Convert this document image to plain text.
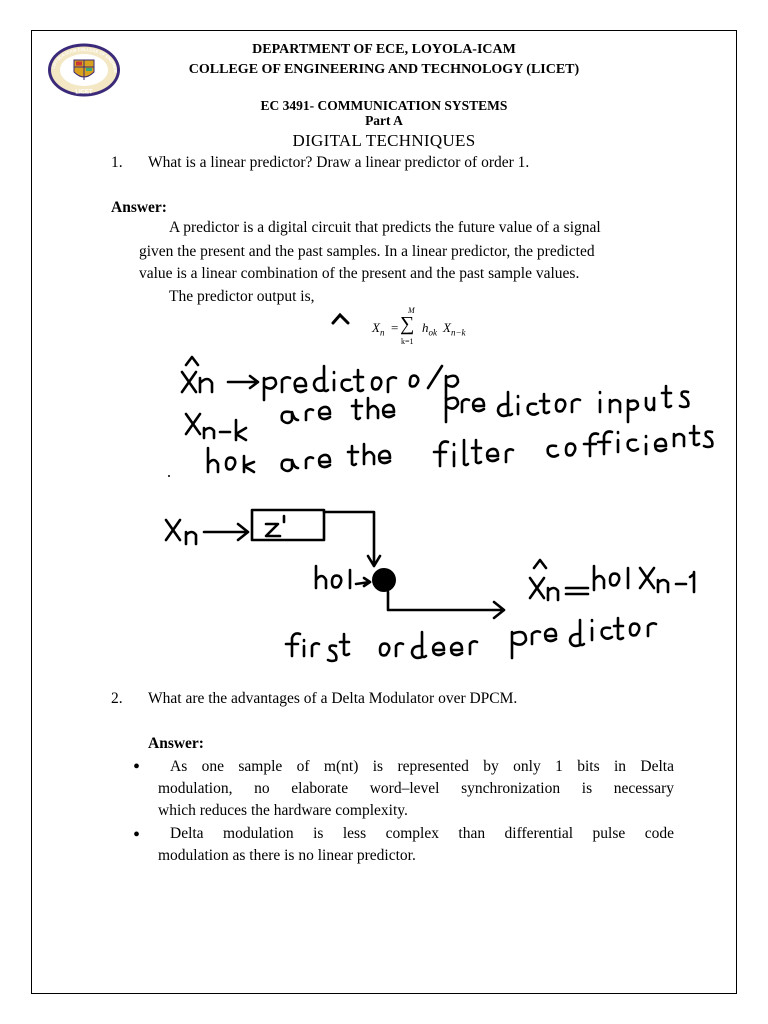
LICET
LOYOLA-ICAM COLLEGE OF ENGINEE
DEPARTMENT OF ECE, LOYOLA-ICAM
COLLEGE OF ENGINEERING AND TECHNOLOGY (LICET)
EC 3491- COMMUNICATION SYSTEMS
Part A
DIGITAL TECHNIQUES
1. What is a linear predictor? Draw a linear predictor of order 1.
Answer:
A predictor is a digital circuit that predicts the future value of a signal
given the present and the past samples. In a linear predictor, the predicted
value is a linear combination of the present and the past sample values.
The predictor output is,
$X_n$ =
M
∑
k=1
$h_{ok}$ $X_{n-k}$
2. What are the advantages of a Delta Modulator over DPCM.
Answer:
•	As one sample of m(nt) is represented by only 1 bits in Delta
modulation, no elaborate word–level synchronization is necessary
which reduces the hardware complexity.
•	Delta modulation is less complex than differential pulse code
modulation as there is no linear predictor.
